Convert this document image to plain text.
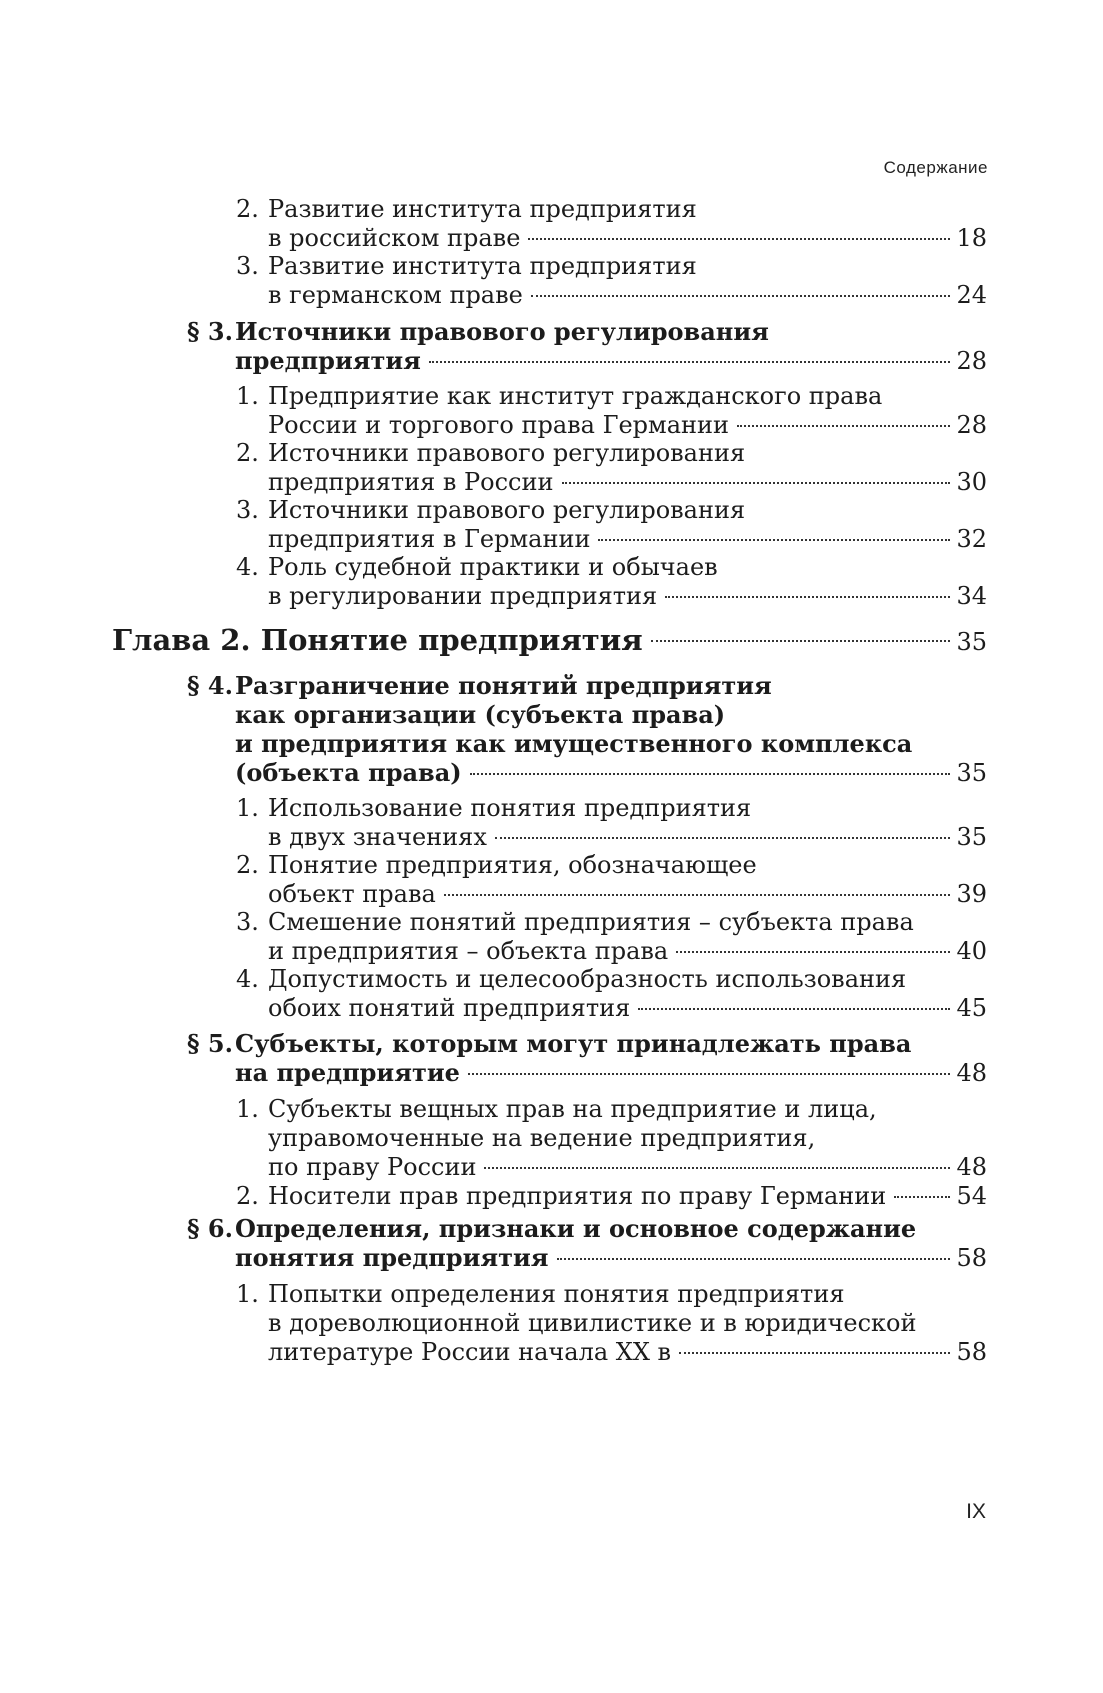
Содержание
2. Развитие института предприятия
в российском праве	18
3. Развитие института предприятия
в германском праве	24
§ 3.Источники правового регулирования
предприятия	28
1. Предприятие как институт гражданского права
России и торгового права Германии	28
2. Источники правового регулирования
предприятия в России	30
3. Источники правового регулирования
предприятия в Германии	32
4. Роль судебной практики и обычаев
в регулировании предприятия	34
Глава 2. Понятие предприятия	35
§ 4.Разграничение понятий предприятия
как организации (субъекта права)
и предприятия как имущественного комплекса
(объекта права)	35
1. Использование понятия предприятия
в двух значениях	35
2. Понятие предприятия, обозначающее
объект права	39
3. Смешение понятий предприятия – субъекта права
и предприятия – объекта права	40
4. Допустимость и целесообразность использования
обоих понятий предприятия	45
§ 5.Субъекты, которым могут принадлежать права
на предприятие	48
1. Субъекты вещных прав на предприятие и лица,
управомоченные на ведение предприятия,
по праву России	48
2. Носители прав предприятия по праву Германии	54
§ 6.Определения, признаки и основное содержание
понятия предприятия	58
1. Попытки определения понятия предприятия
в дореволюционной цивилистике и в юридической
литературе России начала XX в	58
IX
